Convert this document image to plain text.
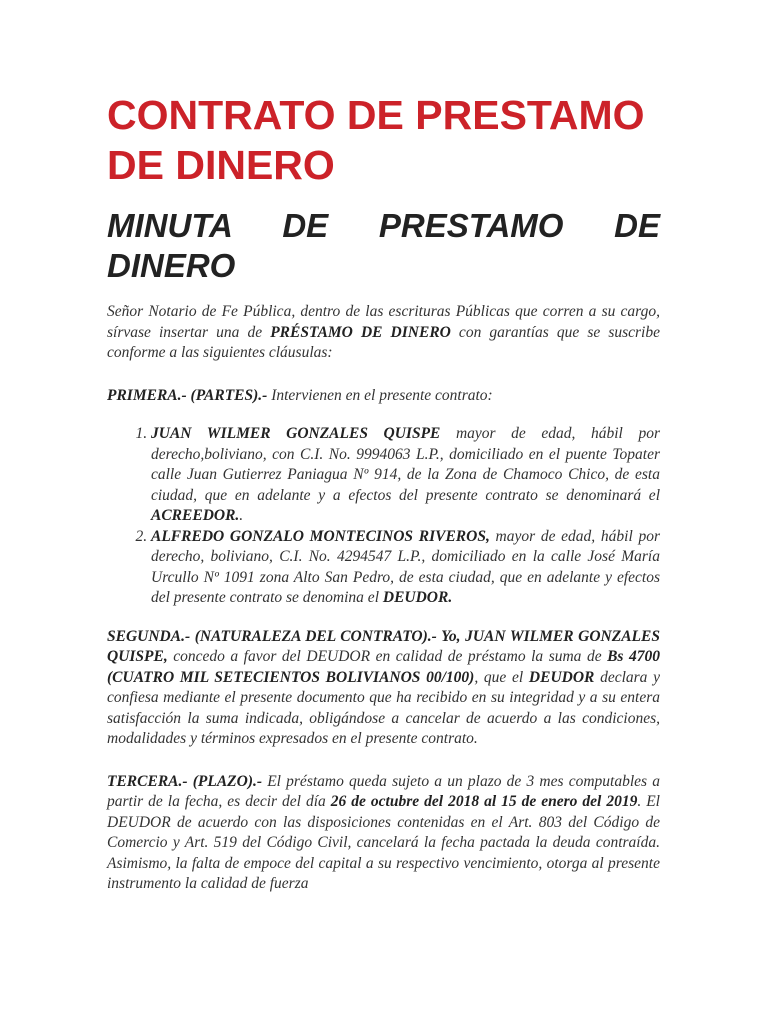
CONTRATO DE PRESTAMO DE DINERO
MINUTA DE PRESTAMO DE
DINERO

Señor Notario de Fe Pública, dentro de las escrituras Públicas que corren a su cargo, sírvase insertar una de PRÉSTAMO DE DINERO con garantías que se suscribe conforme a las siguientes cláusulas:

PRIMERA.- (PARTES).- Intervienen en el presente contrato:

1. JUAN WILMER GONZALES QUISPE mayor de edad, hábil por derecho,boliviano, con C.I. No. 9994063 L.P., domiciliado en el puente Topater calle Juan Gutierrez Paniagua Nº 914, de la Zona de Chamoco Chico, de esta ciudad, que en adelante y a efectos del presente contrato se denominará el ACREEDOR..
2. ALFREDO GONZALO MONTECINOS RIVEROS, mayor de edad, hábil por derecho, boliviano, C.I. No. 4294547 L.P., domiciliado en la calle José María Urcullo Nº 1091 zona Alto San Pedro, de esta ciudad, que en adelante y efectos del presente contrato se denomina el DEUDOR.

SEGUNDA.- (NATURALEZA DEL CONTRATO).- Yo, JUAN WILMER GONZALES QUISPE, concedo a favor del DEUDOR en calidad de préstamo la suma de Bs 4700 (CUATRO MIL SETECIENTOS BOLIVIANOS 00/100), que el DEUDOR declara y confiesa mediante el presente documento que ha recibido en su integridad y a su entera satisfacción la suma indicada, obligándose a cancelar de acuerdo a las condiciones, modalidades y términos expresados en el presente contrato.

TERCERA.- (PLAZO).- El préstamo queda sujeto a un plazo de 3 mes computables a partir de la fecha, es decir del día 26 de octubre del 2018 al 15 de enero del 2019. El DEUDOR de acuerdo con las disposiciones contenidas en el Art. 803 del Código de Comercio y Art. 519 del Código Civil, cancelará la fecha pactada la deuda contraída. Asimismo, la falta de empoce del capital a su respectivo vencimiento, otorga al presente instrumento la calidad de fuerza
